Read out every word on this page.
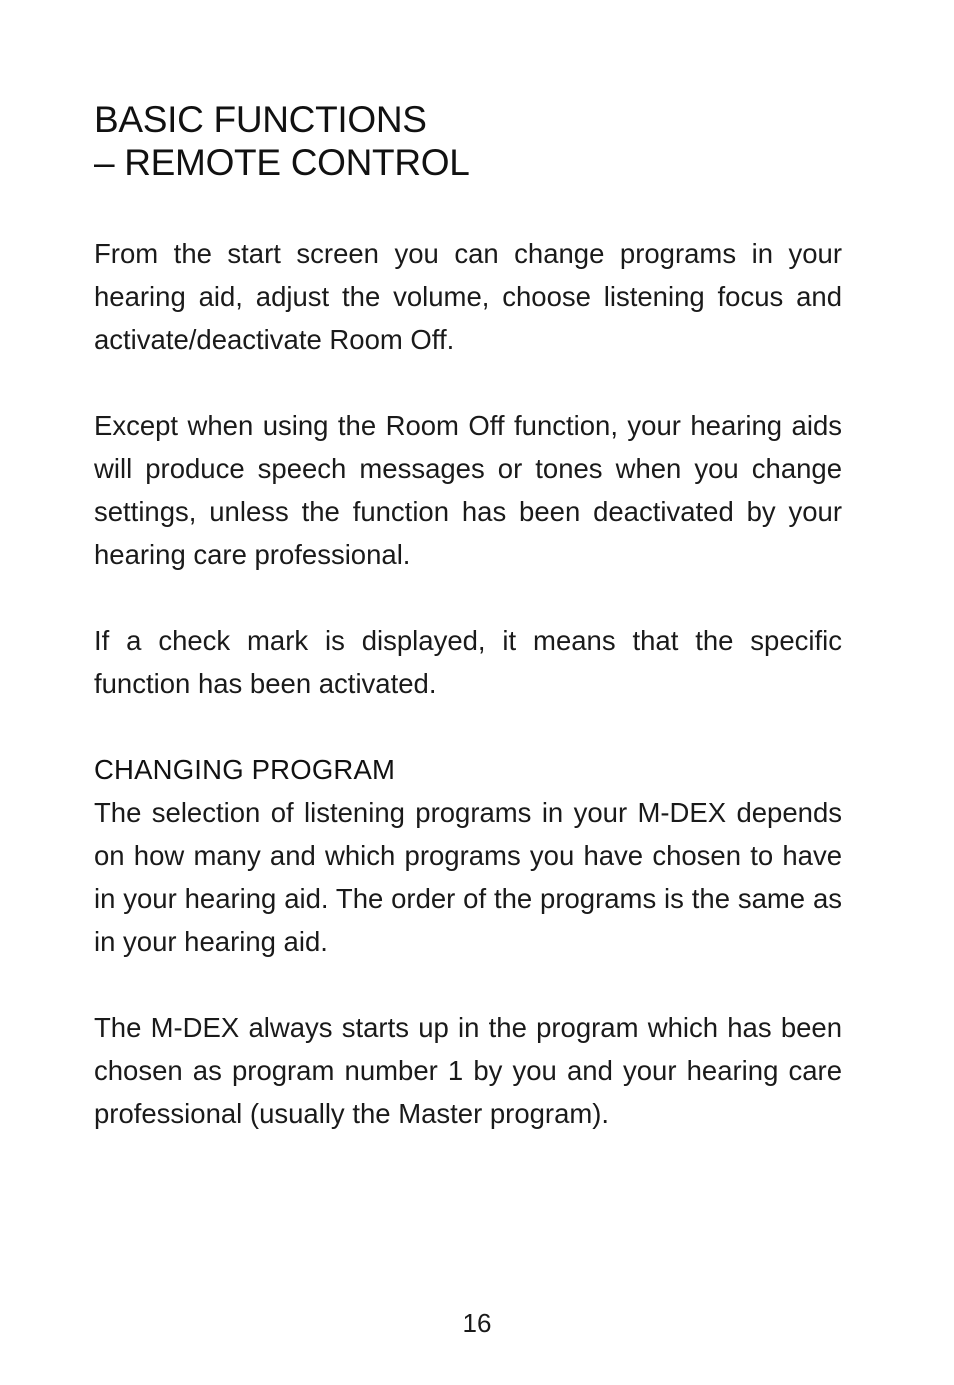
BASIC FUNCTIONS
– REMOTE CONTROL

From the start screen you can change programs in your hearing aid, adjust the volume, choose listening focus and activate/deactivate Room Off.

Except when using the Room Off function, your hearing aids will produce speech messages or tones when you change settings, unless the function has been deactivated by your hearing care professional.

If a check mark is displayed, it means that the specific function has been activated.

CHANGING PROGRAM

The selection of listening programs in your M-DEX depends on how many and which programs you have chosen to have in your hearing aid. The order of the programs is the same as in your hearing aid.

The M-DEX always starts up in the program which has been chosen as program number 1 by you and your hearing care professional (usually the Master program).

16
